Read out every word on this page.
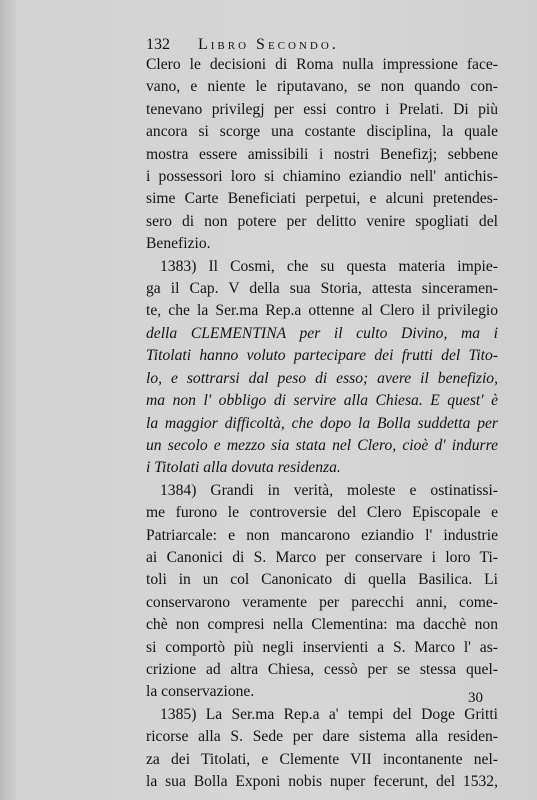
132 Libro Secondo.
Clero le decisioni di Roma nulla impressione face-
vano, e niente le riputavano, se non quando con-
tenevano privilegj per essi contro i Prelati. Di più
ancora si scorge una costante disciplina, la quale
mostra essere amissibili i nostri Benefizj; sebbene
i possessori loro si chiamino eziandio nell' antichis-
sime Carte Beneficiati perpetui, e alcuni pretendes-
sero di non potere per delitto venire spogliati del
Benefizio.
1383) Il Cosmi, che su questa materia impie-
ga il Cap. V della sua Storia, attesta sinceramen-
te, che la Ser.ma Rep.a ottenne al Clero il privilegio
della CLEMENTINA per il culto Divino, ma i
Titolati hanno voluto partecipare dei frutti del Tito-
lo, e sottrarsi dal peso di esso; avere il benefizio,
ma non l' obbligo di servire alla Chiesa. E quest' è
la maggior difficoltà, che dopo la Bolla suddetta per
un secolo e mezzo sia stata nel Clero, cioè d' indurre
i Titolati alla dovuta residenza.
1384) Grandi in verità, moleste e ostinatissi-
me furono le controversie del Clero Episcopale e
Patriarcale: e non mancarono eziandio l' industrie
ai Canonici di S. Marco per conservare i loro Ti-
toli in un col Canonicato di quella Basilica. Li
conservarono veramente per parecchi anni, come-
chè non compresi nella Clementina: ma dacchè non
si comportò più negli inservienti a S. Marco l' as-
crizione ad altra Chiesa, cessò per se stessa quel-
la conservazione.
1385) La Ser.ma Rep.a a' tempi del Doge Gritti
ricorse alla S. Sede per dare sistema alla residen-
za dei Titolati, e Clemente VII incontanente nel-
la sua Bolla Exponi nobis nuper fecerunt, del 1532,
30
